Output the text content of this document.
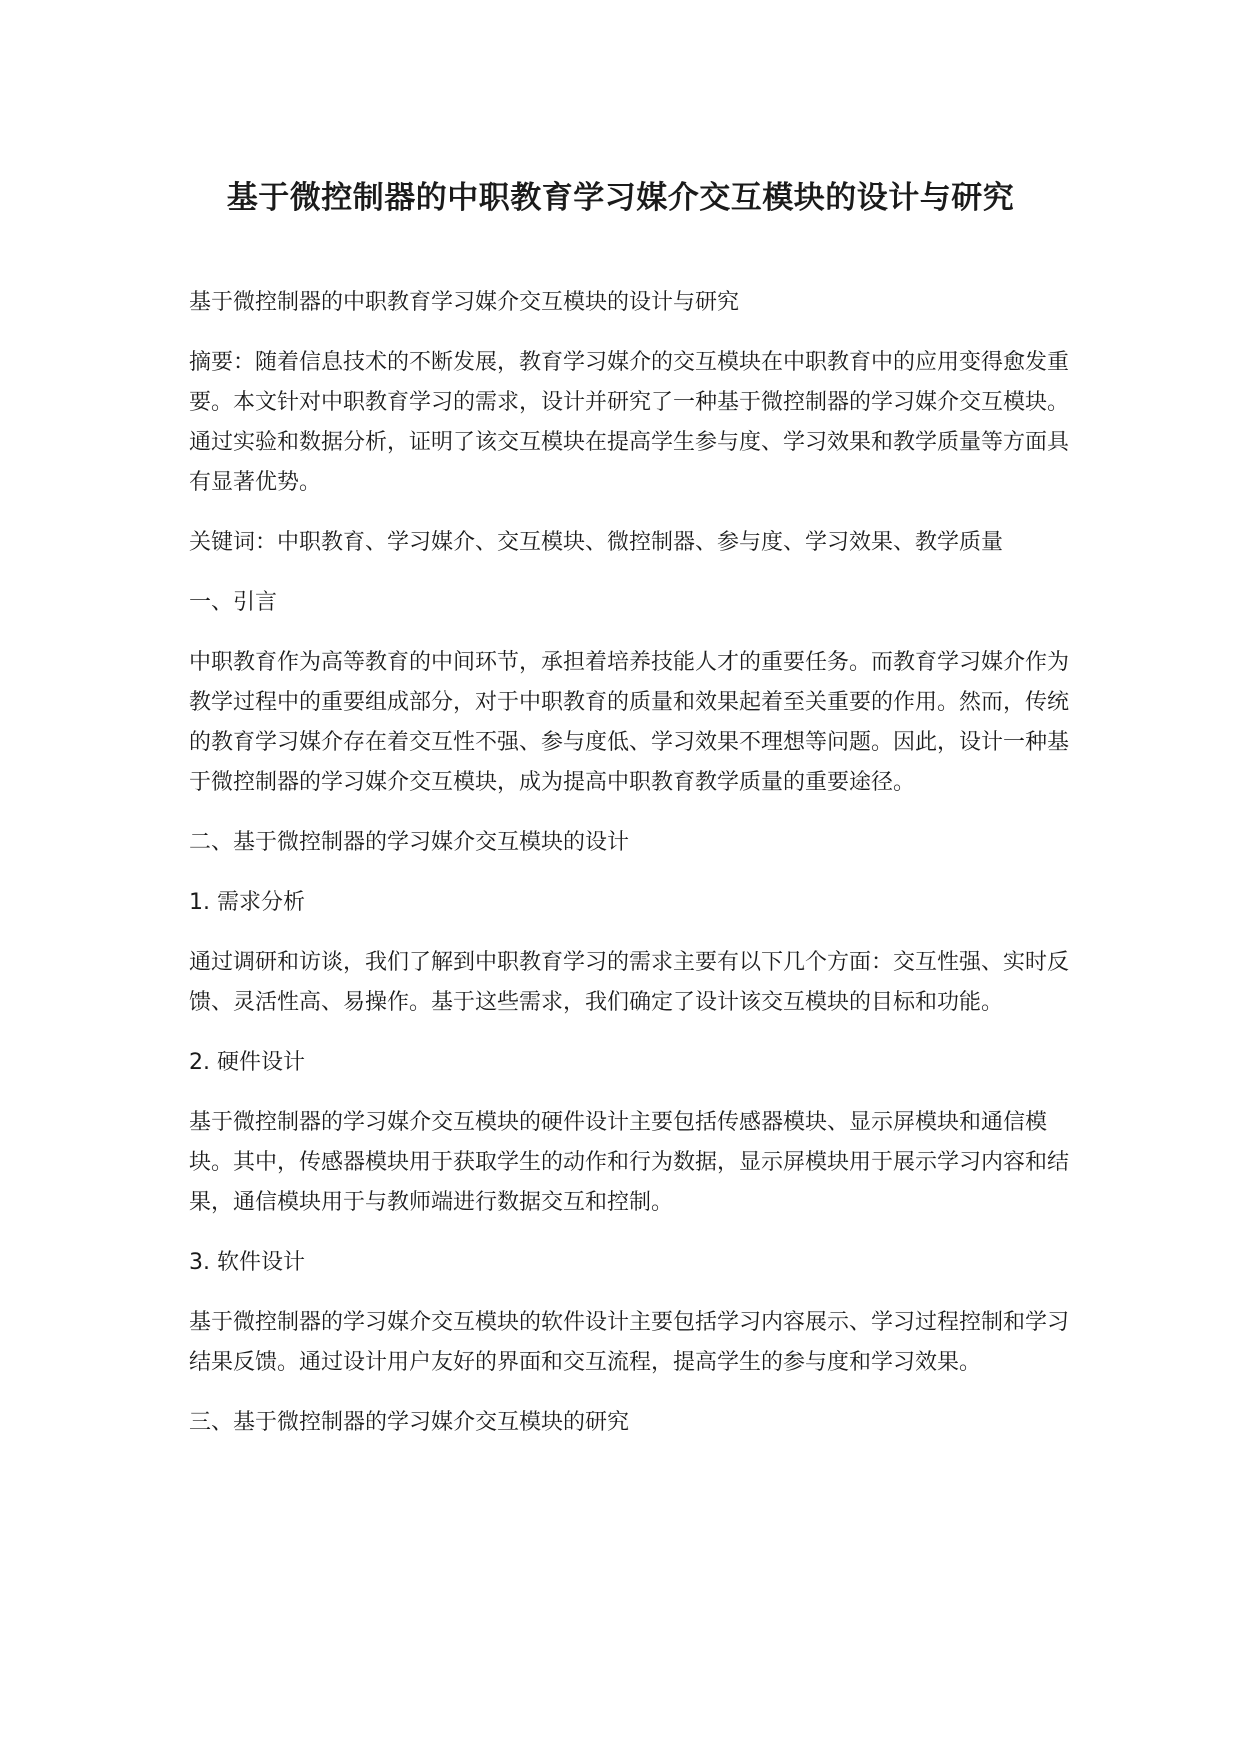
基于微控制器的中职教育学习媒介交互模块的设计与研究

基于微控制器的中职教育学习媒介交互模块的设计与研究

摘要：随着信息技术的不断发展，教育学习媒介的交互模块在中职教育中的应用变得愈发重要。本文针对中职教育学习的需求，设计并研究了一种基于微控制器的学习媒介交互模块。通过实验和数据分析，证明了该交互模块在提高学生参与度、学习效果和教学质量等方面具有显著优势。

关键词：中职教育、学习媒介、交互模块、微控制器、参与度、学习效果、教学质量

一、引言

中职教育作为高等教育的中间环节，承担着培养技能人才的重要任务。而教育学习媒介作为教学过程中的重要组成部分，对于中职教育的质量和效果起着至关重要的作用。然而，传统的教育学习媒介存在着交互性不强、参与度低、学习效果不理想等问题。因此，设计一种基于微控制器的学习媒介交互模块，成为提高中职教育教学质量的重要途径。

二、基于微控制器的学习媒介交互模块的设计

1. 需求分析

通过调研和访谈，我们了解到中职教育学习的需求主要有以下几个方面：交互性强、实时反馈、灵活性高、易操作。基于这些需求，我们确定了设计该交互模块的目标和功能。

2. 硬件设计

基于微控制器的学习媒介交互模块的硬件设计主要包括传感器模块、显示屏模块和通信模块。其中，传感器模块用于获取学生的动作和行为数据，显示屏模块用于展示学习内容和结果，通信模块用于与教师端进行数据交互和控制。

3. 软件设计

基于微控制器的学习媒介交互模块的软件设计主要包括学习内容展示、学习过程控制和学习结果反馈。通过设计用户友好的界面和交互流程，提高学生的参与度和学习效果。

三、基于微控制器的学习媒介交互模块的研究
